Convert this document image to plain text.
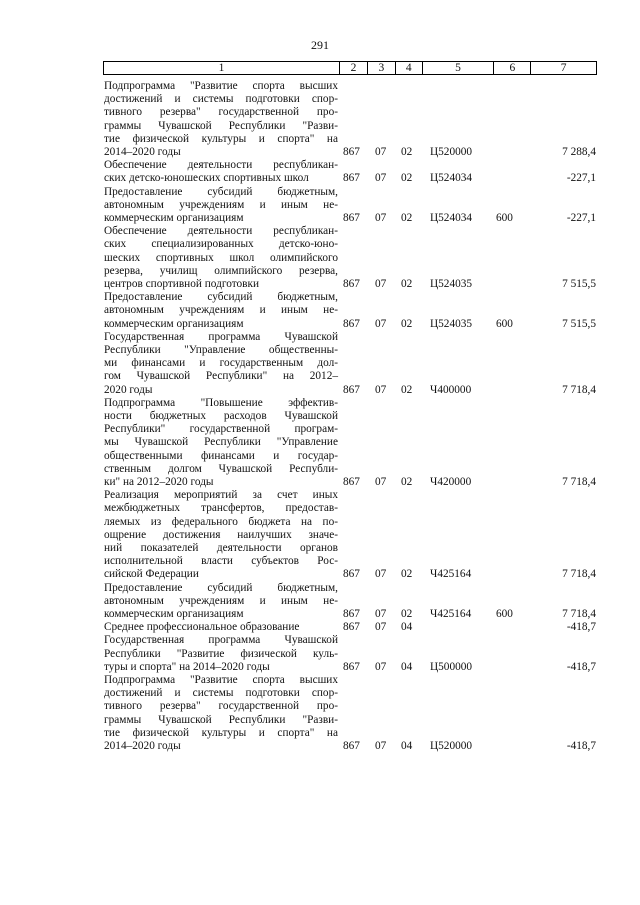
291
1	2	3	4	5	6	7
Подпрограмма "Развитие спорта высших
достижений и системы подготовки спор-
тивного резерва" государственной про-
граммы Чувашской Республики "Разви-
тие физической культуры и спорта" на
2014–2020 годы	867 07 02 Ц520000	7 288,4
Обеспечение деятельности республикан-
ских детско-юношеских спортивных школ	867 07 02 Ц524034	-227,1
Предоставление субсидий бюджетным,
автономным учреждениям и иным не-
коммерческим организациям	867 07 02 Ц524034 600	-227,1
Обеспечение деятельности республикан-
ских специализированных детско-юно-
шеских спортивных школ олимпийского
резерва, училищ олимпийского резерва,
центров спортивной подготовки	867 07 02 Ц524035	7 515,5
Предоставление субсидий бюджетным,
автономным учреждениям и иным не-
коммерческим организациям	867 07 02 Ц524035 600	7 515,5
Государственная программа Чувашской
Республики "Управление общественны-
ми финансами и государственным дол-
гом Чувашской Республики" на 2012–
2020 годы	867 07 02 Ч400000	7 718,4
Подпрограмма "Повышение эффектив-
ности бюджетных расходов Чувашской
Республики" государственной програм-
мы Чувашской Республики "Управление
общественными финансами и государ-
ственным долгом Чувашской Республи-
ки" на 2012–2020 годы	867 07 02 Ч420000	7 718,4
Реализация мероприятий за счет иных
межбюджетных трансфертов, предостав-
ляемых из федерального бюджета на по-
ощрение достижения наилучших значе-
ний показателей деятельности органов
исполнительной власти субъектов Рос-
сийской Федерации	867 07 02 Ч425164	7 718,4
Предоставление субсидий бюджетным,
автономным учреждениям и иным не-
коммерческим организациям	867 07 02 Ч425164 600	7 718,4
Среднее профессиональное образование	867 07 04	-418,7
Государственная программа Чувашской
Республики "Развитие физической куль-
туры и спорта" на 2014–2020 годы	867 07 04 Ц500000	-418,7
Подпрограмма "Развитие спорта высших
достижений и системы подготовки спор-
тивного резерва" государственной про-
граммы Чувашской Республики "Разви-
тие физической культуры и спорта" на
2014–2020 годы	867 07 04 Ц520000	-418,7
